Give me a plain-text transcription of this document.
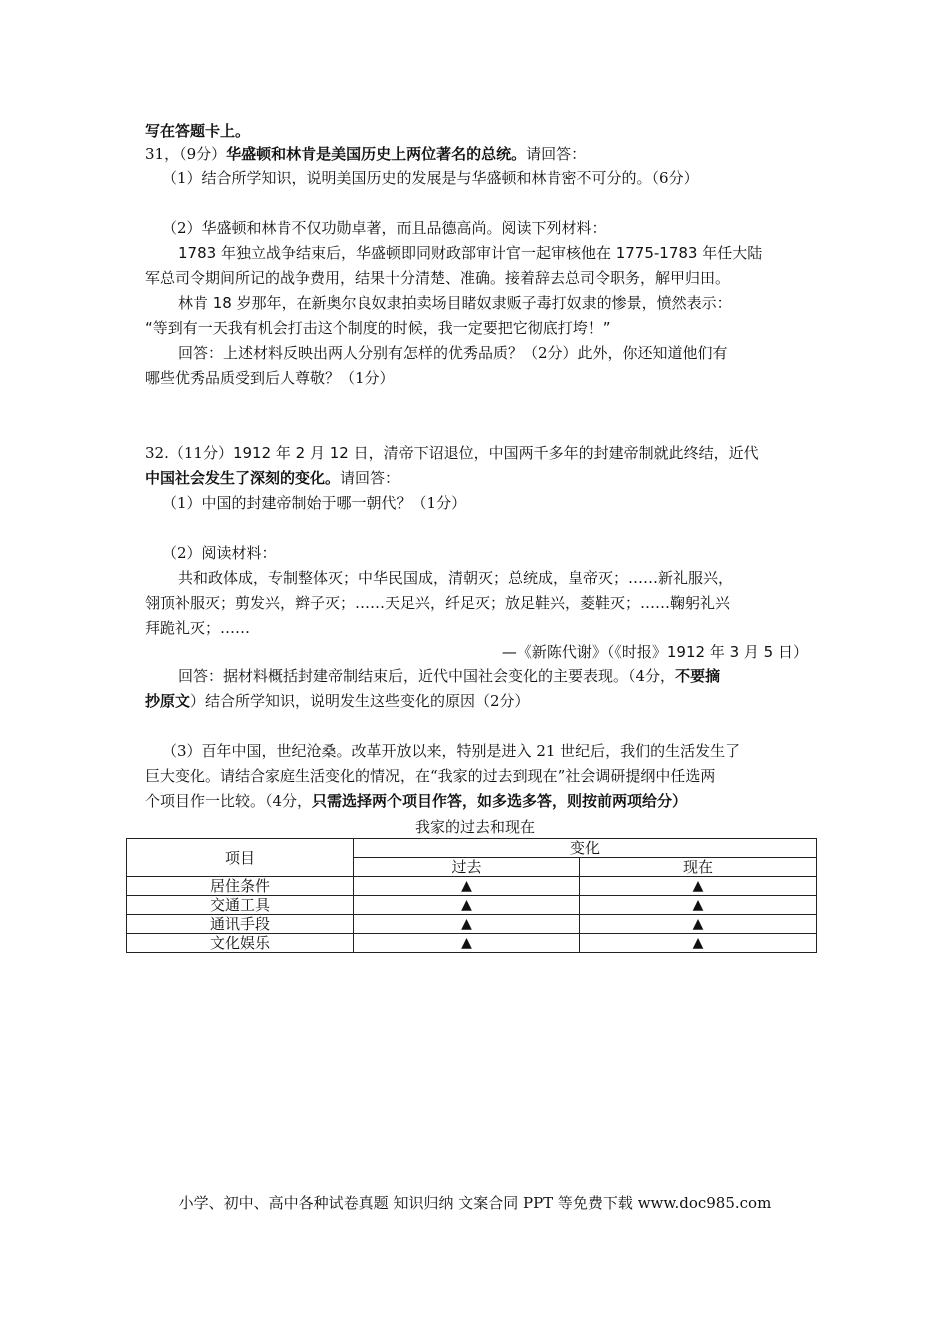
写在答题卡上。
31，（9分）华盛顿和林肯是美国历史上两位著名的总统。请回答：
（1）结合所学知识，说明美国历史的发展是与华盛顿和林肯密不可分的。（6分）
（2）华盛顿和林肯不仅功勋卓著，而且品德高尚。阅读下列材料：
1783 年独立战争结束后，华盛顿即同财政部审计官一起审核他在 1775-1783 年任大陆
军总司令期间所记的战争费用，结果十分清楚、准确。接着辞去总司令职务，解甲归田。
林肯 18 岁那年，在新奥尔良奴隶拍卖场目睹奴隶贩子毒打奴隶的惨景，愤然表示：
“等到有一天我有机会打击这个制度的时候，我一定要把它彻底打垮！”
回答：上述材料反映出两人分别有怎样的优秀品质？（2分）此外，你还知道他们有
哪些优秀品质受到后人尊敬？（1分）
32.（11分）1912 年 2 月 12 日，清帝下诏退位，中国两千多年的封建帝制就此终结，近代
中国社会发生了深刻的变化。请回答：
（1）中国的封建帝制始于哪一朝代？（1分）
（2）阅读材料：
共和政体成，专制整体灭；中华民国成，清朝灭；总统成，皇帝灭；……新礼服兴，
翎顶补服灭；剪发兴，辫子灭；……天足兴，纤足灭；放足鞋兴，菱鞋灭；……鞠躬礼兴
拜跪礼灭；……
—《新陈代谢》（《时报》1912 年 3 月 5 日）
回答：据材料概括封建帝制结束后，近代中国社会变化的主要表现。（4分，不要摘
抄原文）结合所学知识，说明发生这些变化的原因（2分）
（3）百年中国，世纪沧桑。改革开放以来，特别是进入 21 世纪后，我们的生活发生了
巨大变化。请结合家庭生活变化的情况，在“我家的过去到现在”社会调研提纲中任选两
个项目作一比较。（4分，只需选择两个项目作答，如多选多答，则按前两项给分）
我家的过去和现在
项目	变化	
	过去	现在
居住条件	▲	▲
交通工具	▲	▲
通讯手段	▲	▲
文化娱乐	▲	▲
小学、初中、高中各种试卷真题 知识归纳 文案合同 PPT 等免费下载 www.doc985.com
